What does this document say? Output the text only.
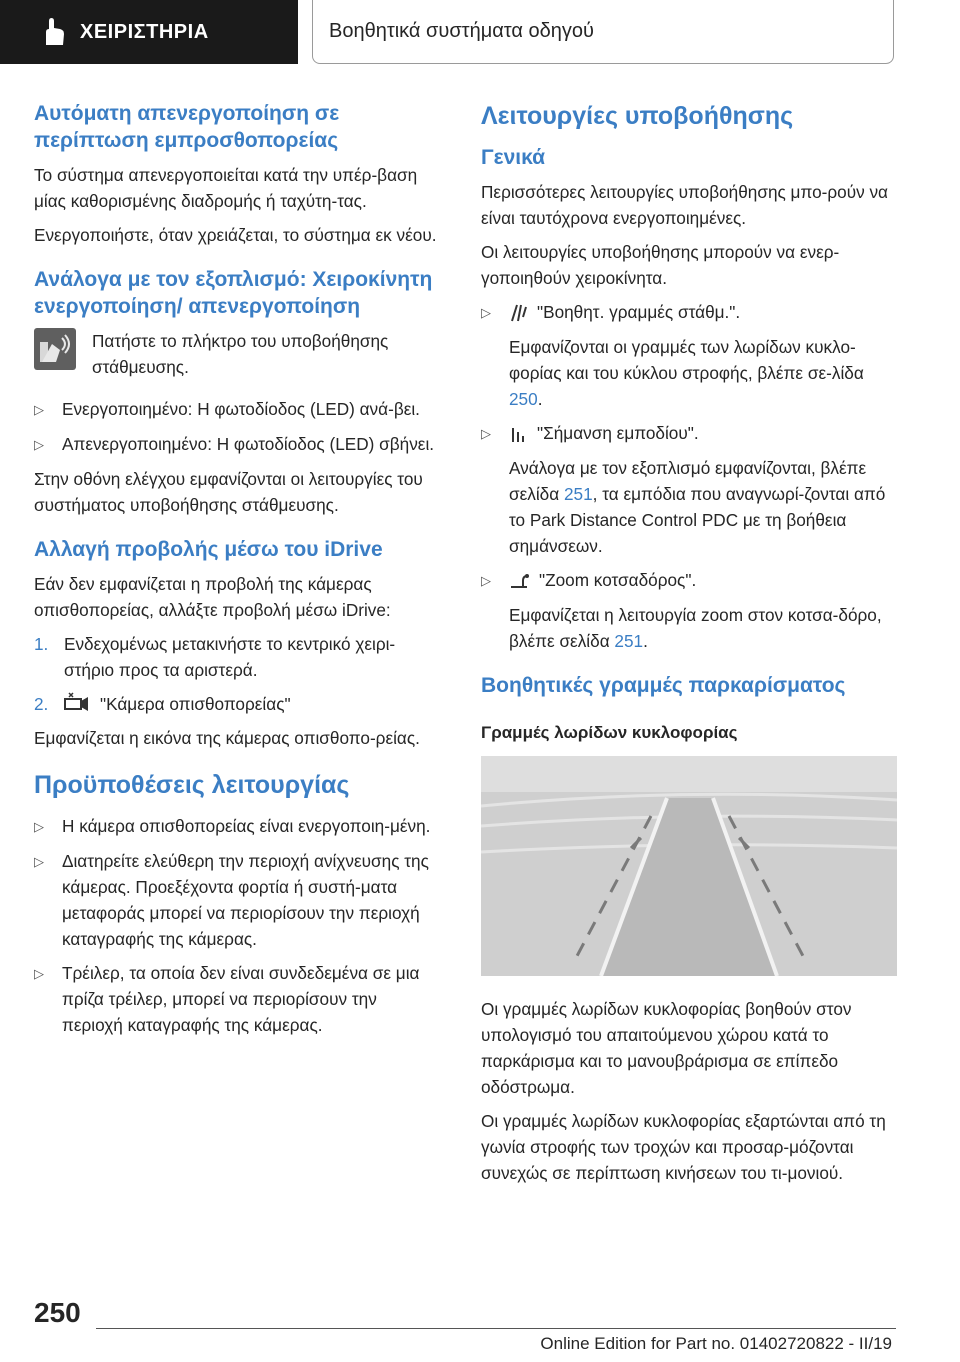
ΧΕΙΡΙΣΤΗΡΙΑ	Βοηθητικά συστήματα οδηγού
Αυτόματη απενεργοποίηση σε περίπτωση εμπροσθοπορείας

Το σύστημα απενεργοποιείται κατά την υπέρ-βαση μίας καθορισμένης διαδρομής ή ταχύτη-τας.

Ενεργοποιήστε, όταν χρειάζεται, το σύστημα εκ νέου.

Ανάλογα με τον εξοπλισμό: Χειροκίνητη ενεργοποίηση/ απενεργοποίηση

Πατήστε το πλήκτρο του υποβοήθησης στάθμευσης.

▷	Ενεργοποιημένο: Η φωτοδίοδος (LED) ανά-βει.
▷	Απενεργοποιημένο: Η φωτοδίοδος (LED) σβήνει.

Στην οθόνη ελέγχου εμφανίζονται οι λειτουργίες του συστήματος υποβοήθησης στάθμευσης.

Αλλαγή προβολής μέσω του iDrive

Εάν δεν εμφανίζεται η προβολή της κάμερας οπισθοπορείας, αλλάξτε προβολή μέσω iDrive:

1. Ενδεχομένως μετακινήστε το κεντρικό χειρι-στήριο προς τα αριστερά.
2.	"Κάμερα οπισθοπορείας"

Εμφανίζεται η εικόνα της κάμερας οπισθοπο-ρείας.

Προϋποθέσεις λειτουργίας
▷	Η κάμερα οπισθοπορείας είναι ενεργοποιη-μένη.
▷	Διατηρείτε ελεύθερη την περιοχή ανίχνευσης της κάμερας. Προεξέχοντα φορτία ή συστή-ματα μεταφοράς μπορεί να περιορίσουν την περιοχή καταγραφής της κάμερας.
▷	Τρέιλερ, τα οποία δεν είναι συνδεδεμένα σε μια πρίζα τρέιλερ, μπορεί να περιορίσουν την περιοχή καταγραφής της κάμερας.
Λειτουργίες υποβοήθησης
Γενικά

Περισσότερες λειτουργίες υποβοήθησης μπο-ρούν να είναι ταυτόχρονα ενεργοποιημένες.

Οι λειτουργίες υποβοήθησης μπορούν να ενερ-γοποιηθούν χειροκίνητα.

▷	"Βοηθητ. γραμμές στάθμ.".

Εμφανίζονται οι γραμμές των λωρίδων κυκλο-φορίας και του κύκλου στροφής, βλέπε σε-λίδα 250.

▷	"Σήμανση εμποδίου".

Ανάλογα με τον εξοπλισμό εμφανίζονται, βλέπε σελίδα 251, τα εμπόδια που αναγνωρί-ζονται από το Park Distance Control PDC με τη βοήθεια σημάνσεων.

▷	"Zoom κοτσαδόρος".

Εμφανίζεται η λειτουργία zoom στον κοτσα-δόρο, βλέπε σελίδα 251.

Βοηθητικές γραμμές παρκαρίσματος
Γραμμές λωρίδων κυκλοφορίας

Οι γραμμές λωρίδων κυκλοφορίας βοηθούν στον υπολογισμό του απαιτούμενου χώρου κατά το παρκάρισμα και το μανουβράρισμα σε επίπεδο οδόστρωμα.

Οι γραμμές λωρίδων κυκλοφορίας εξαρτώνται από τη γωνία στροφής των τροχών και προσαρ-μόζονται συνεχώς σε περίπτωση κινήσεων του τι-μονιού.

250
Online Edition for Part no. 01402720822 - II/19
